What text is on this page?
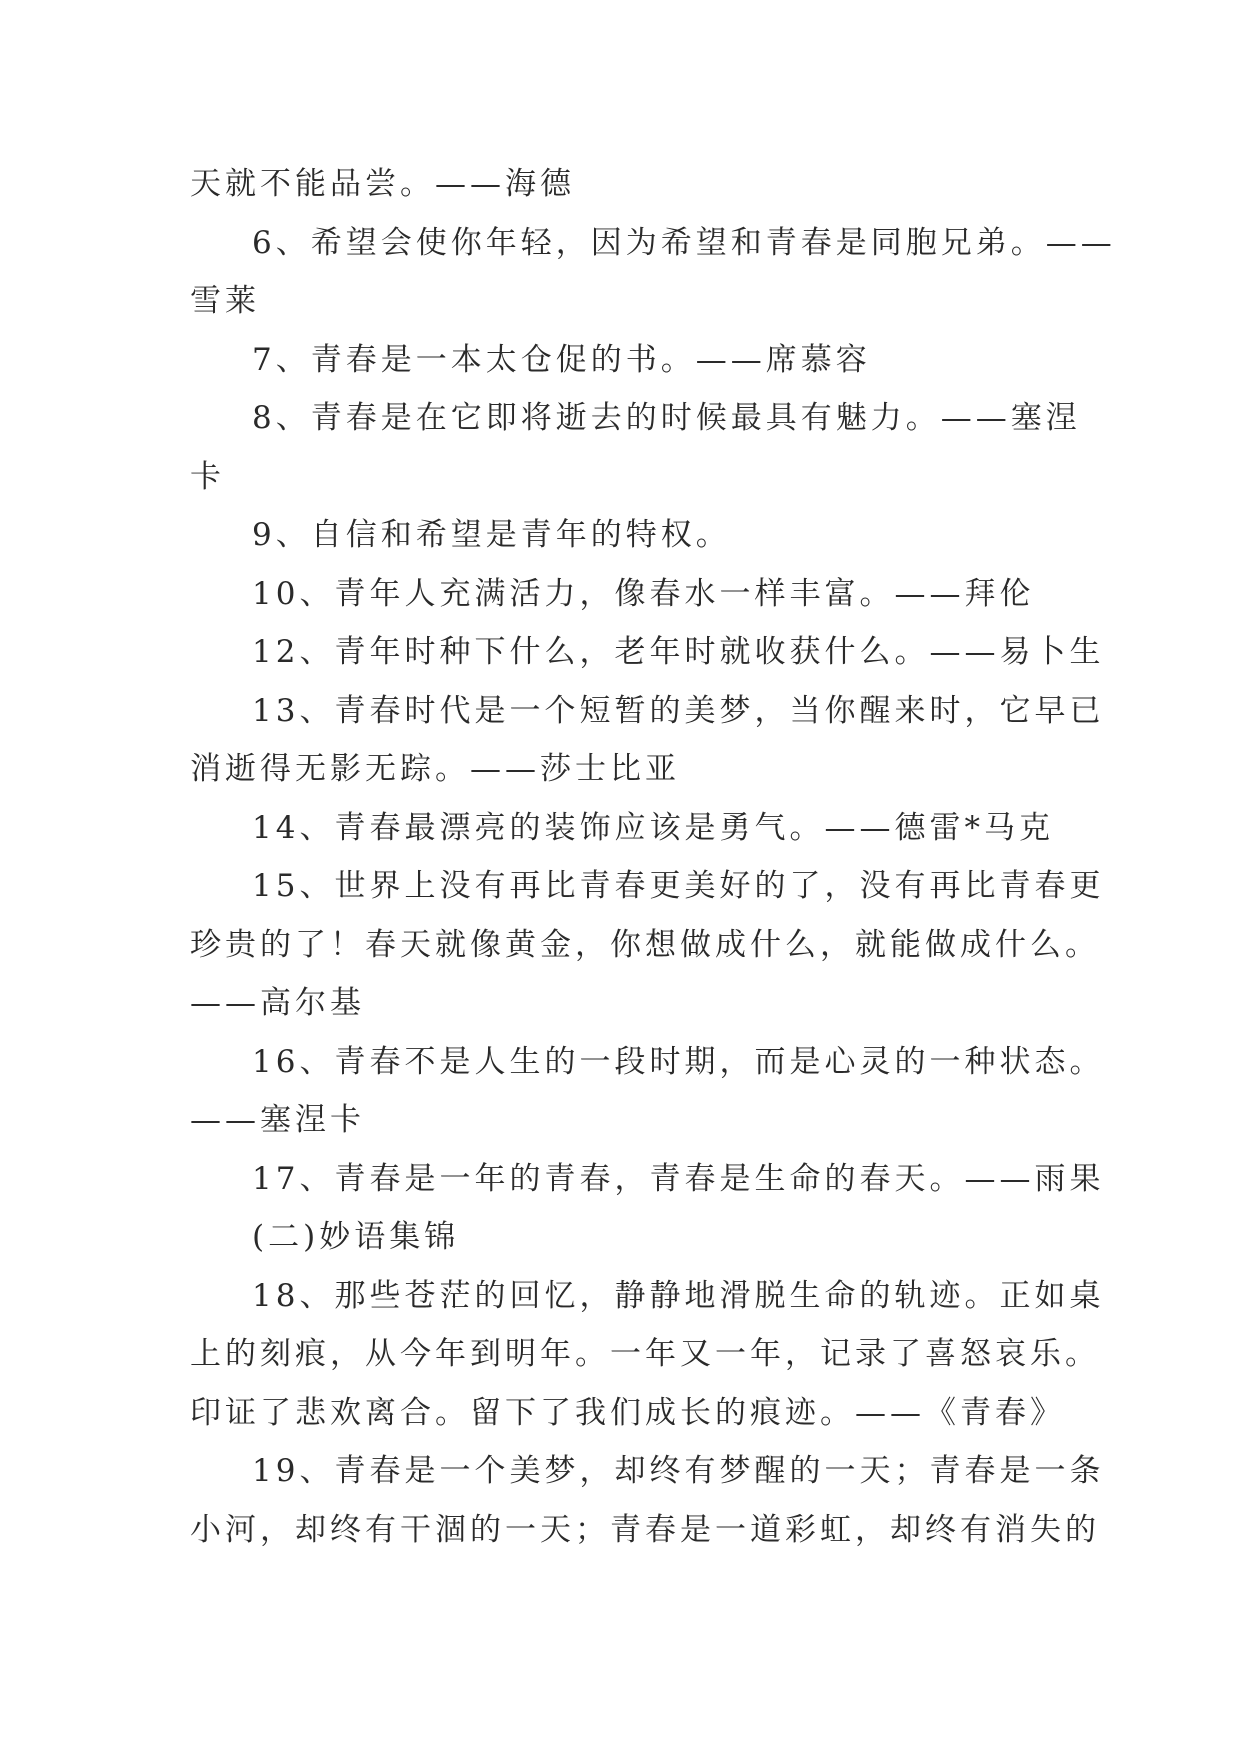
天就不能品尝。——海德
6、希望会使你年轻，因为希望和青春是同胞兄弟。——
雪莱
7、青春是一本太仓促的书。——席慕容
8、青春是在它即将逝去的时候最具有魅力。——塞涅
卡
9、自信和希望是青年的特权。
10、青年人充满活力，像春水一样丰富。——拜伦
12、青年时种下什么，老年时就收获什么。——易卜生
13、青春时代是一个短暂的美梦，当你醒来时，它早已
消逝得无影无踪。——莎士比亚
14、青春最漂亮的装饰应该是勇气。——德雷*马克
15、世界上没有再比青春更美好的了，没有再比青春更
珍贵的了！春天就像黄金，你想做成什么，就能做成什么。
——高尔基
16、青春不是人生的一段时期，而是心灵的一种状态。
——塞涅卡
17、青春是一年的青春，青春是生命的春天。——雨果
(二)妙语集锦
18、那些苍茫的回忆，静静地滑脱生命的轨迹。正如桌
上的刻痕，从今年到明年。一年又一年，记录了喜怒哀乐。
印证了悲欢离合。留下了我们成长的痕迹。——《青春》
19、青春是一个美梦，却终有梦醒的一天；青春是一条
小河，却终有干涸的一天；青春是一道彩虹，却终有消失的
